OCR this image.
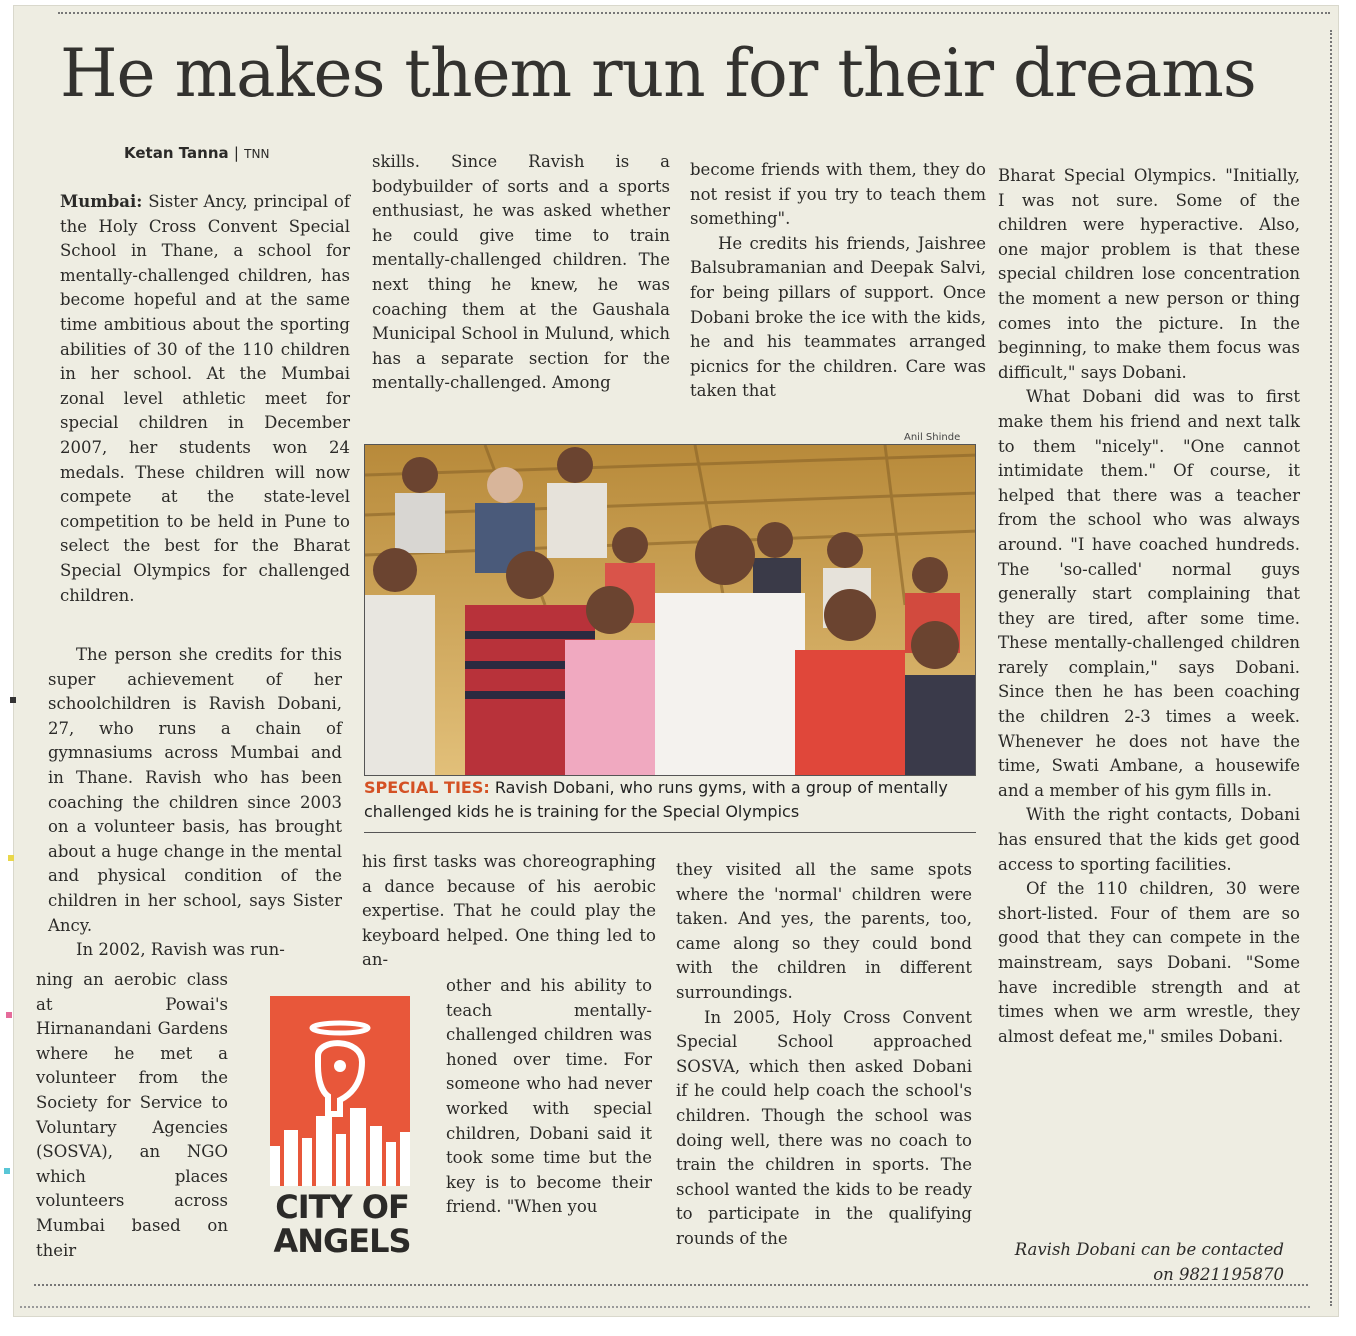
He makes them run for their dreams

Ketan Tanna | TNN

Mumbai: Sister Ancy, principal of the Holy Cross Convent Special School in Thane, a school for mentally-challenged children, has become hopeful and at the same time ambitious about the sporting abilities of 30 of the 110 children in her school. At the Mumbai zonal level athletic meet for special children in December 2007, her students won 24 medals. These children will now compete at the state-level competition to be held in Pune to select the best for the Bharat Special Olympics for challenged children.

The person she credits for this super achievement of her schoolchildren is Ravish Dobani, 27, who runs a chain of gymnasiums across Mumbai and in Thane. Ravish who has been coaching the children since 2003 on a volunteer basis, has brought about a huge change in the mental and physical condition of the children in her school, says Sister Ancy.

In 2002, Ravish was run-

ning an aerobic class at Powai's Hirnanandani Gardens where he met a volunteer from the Society for Service to Voluntary Agencies (SOSVA), an NGO which places volunteers across Mumbai based on their

skills. Since Ravish is a bodybuilder of sorts and a sports enthusiast, he was asked whether he could give time to train mentally-challenged children. The next thing he knew, he was coaching them at the Gaushala Municipal School in Mulund, which has a separate section for the mentally-challenged. Among

become friends with them, they do not resist if you try to teach them something".

He credits his friends, Jaishree Balsubramanian and Deepak Salvi, for being pillars of support. Once Dobani broke the ice with the kids, he and his teammates arranged picnics for the children. Care was taken that

Anil Shinde

SPECIAL TIES: Ravish Dobani, who runs gyms, with a group of mentally challenged kids he is training for the Special Olympics

his first tasks was choreographing a dance because of his aerobic expertise. That he could play the keyboard helped. One thing led to an-

other and his ability to teach mentally-challenged children was honed over time. For someone who had never worked with special children, Dobani said it took some time but the key is to become their friend. "When you

they visited all the same spots where the 'normal' children were taken. And yes, the parents, too, came along so they could bond with the children in different surroundings.

In 2005, Holy Cross Convent Special School approached SOSVA, which then asked Dobani if he could help coach the school's children. Though the school was doing well, there was no coach to train the children in sports. The school wanted the kids to be ready to participate in the qualifying rounds of the

Bharat Special Olympics. "Initially, I was not sure. Some of the children were hyperactive. Also, one major problem is that these special children lose concentration the moment a new person or thing comes into the picture. In the beginning, to make them focus was difficult," says Dobani.

What Dobani did was to first make them his friend and next talk to them "nicely". "One cannot intimidate them." Of course, it helped that there was a teacher from the school who was always around. "I have coached hundreds. The 'so-called' normal guys generally start complaining that they are tired, after some time. These mentally-challenged children rarely complain," says Dobani. Since then he has been coaching the children 2-3 times a week. Whenever he does not have the time, Swati Ambane, a housewife and a member of his gym fills in.

With the right contacts, Dobani has ensured that the kids get good access to sporting facilities.

Of the 110 children, 30 were short-listed. Four of them are so good that they can compete in the mainstream, says Dobani. "Some have incredible strength and at times when we arm wrestle, they almost defeat me," smiles Dobani.

Ravish Dobani can be contacted on 9821195870

CITY OF
ANGELS
